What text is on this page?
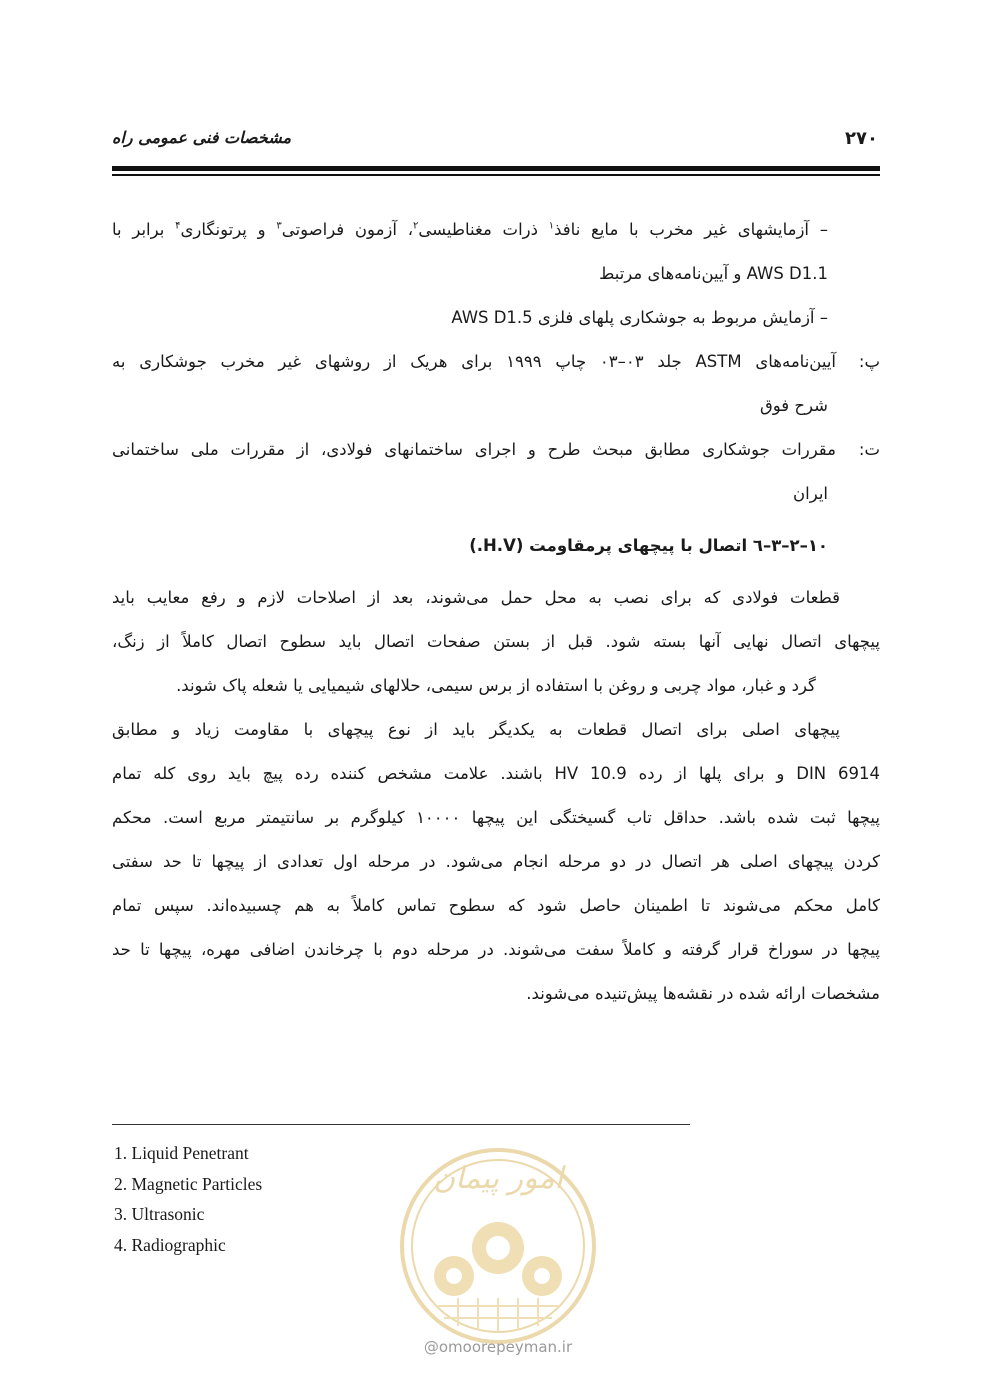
۲۷۰
مشخصات فنی عمومی راه
– آزمایشهای غیر مخرب با مایع نافذ$^۱$ ذرات مغناطیسی$^۲$، آزمون فراصوتی$^۳$ و پرتونگاری$^۴$ برابر با
AWS D1.1 و آیین‌نامه‌های مرتبط
– آزمایش مربوط به جوشکاری پلهای فلزی AWS D1.5
پ:آیین‌نامه‌های ASTM جلد ۰۳–۰۳ چاپ ۱۹۹۹ برای هریک از روشهای غیر مخرب جوشکاری به
شرح فوق
ت:مقررات جوشکاری مطابق مبحث طرح و اجرای ساختمانهای فولادی، از مقررات ملی ساختمانی
ایران
۱۰–۲–۳–٦ اتصال با پیچهای پرمقاومت (H.V.)
قطعات فولادی که برای نصب به محل حمل می‌شوند، بعد از اصلاحات لازم و رفع معایب باید
پیچهای اتصال نهایی آنها بسته شود. قبل از بستن صفحات اتصال باید سطوح اتصال کاملاً از زنگ،
گرد و غبار، مواد چربی و روغن با استفاده از برس سیمی، حلالهای شیمیایی یا شعله پاک شوند.
پیچهای اصلی برای اتصال قطعات به یکدیگر باید از نوع پیچهای با مقاومت زیاد و مطابق
DIN 6914 و برای پلها از رده HV 10.9 باشند. علامت مشخص کننده رده پیچ باید روی کله تمام
پیچها ثبت شده باشد. حداقل تاب گسیختگی این پیچها ۱۰۰۰۰ کیلوگرم بر سانتیمتر مربع است. محکم
کردن پیچهای اصلی هر اتصال در دو مرحله انجام می‌شود. در مرحله اول تعدادی از پیچها تا حد سفتی
کامل محکم می‌شوند تا اطمینان حاصل شود که سطوح تماس کاملاً به هم چسبیده‌اند. سپس تمام
پیچها در سوراخ قرار گرفته و کاملاً سفت می‌شوند. در مرحله دوم با چرخاندن اضافی مهره، پیچها تا حد
مشخصات ارائه شده در نقشه‌ها پیش‌تنیده می‌شوند.
1. Liquid Penetrant
2. Magnetic Particles
3. Ultrasonic
4. Radiographic
امور پیمان
@omoorepeyman.ir
